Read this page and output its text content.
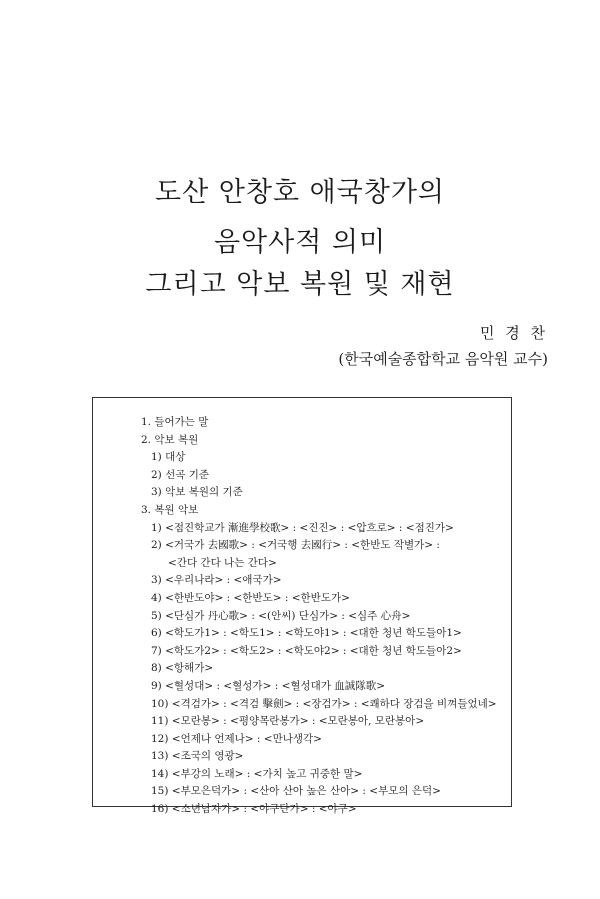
도산 안창호 애국창가의
음악사적 의미
그리고 악보 복원 및 재현
민 경 찬
(한국예술종합학교 음악원 교수)
1. 들어가는 말
2. 악보 복원
1) 대상
2) 선곡 기준
3) 악보 복원의 기준
3. 복원 악보
1) <점진학교가 漸進學校歌> : <진진> : <압흐로> : <점진가>
2) <거국가 去國歌> : <거국행 去國行> : <한반도 작별가> :
<간다 간다 나는 간다>
3) <우리나라> : <애국가>
4) <한반도야> : <한반도> : <한반도가>
5) <단심가 丹心歌> : <(안씨) 단심가> : <심주 心舟>
6) <학도가1> : <학도1> : <학도야1> : <대한 청년 학도들아1>
7) <학도가2> : <학도2> : <학도야2> : <대한 청년 학도들아2>
8) <항해가>
9) <혈성대> : <혈성가> : <혈성대가 血誠隊歌>
10) <격검가> : <격검 擊劍> : <장검가> : <쾌하다 장검을 비껴들었네>
11) <모란봉> : <평양목란봉가> : <모란봉아, 모란봉아>
12) <언제나 언제나> : <만나생각>
13) <조국의 영광>
14) <부강의 노래> : <가치 높고 귀중한 말>
15) <부모은덕가> : <산아 산아 높은 산아> : <부모의 은덕>
16) <소년남자가> : <야구단가> : <야구>
